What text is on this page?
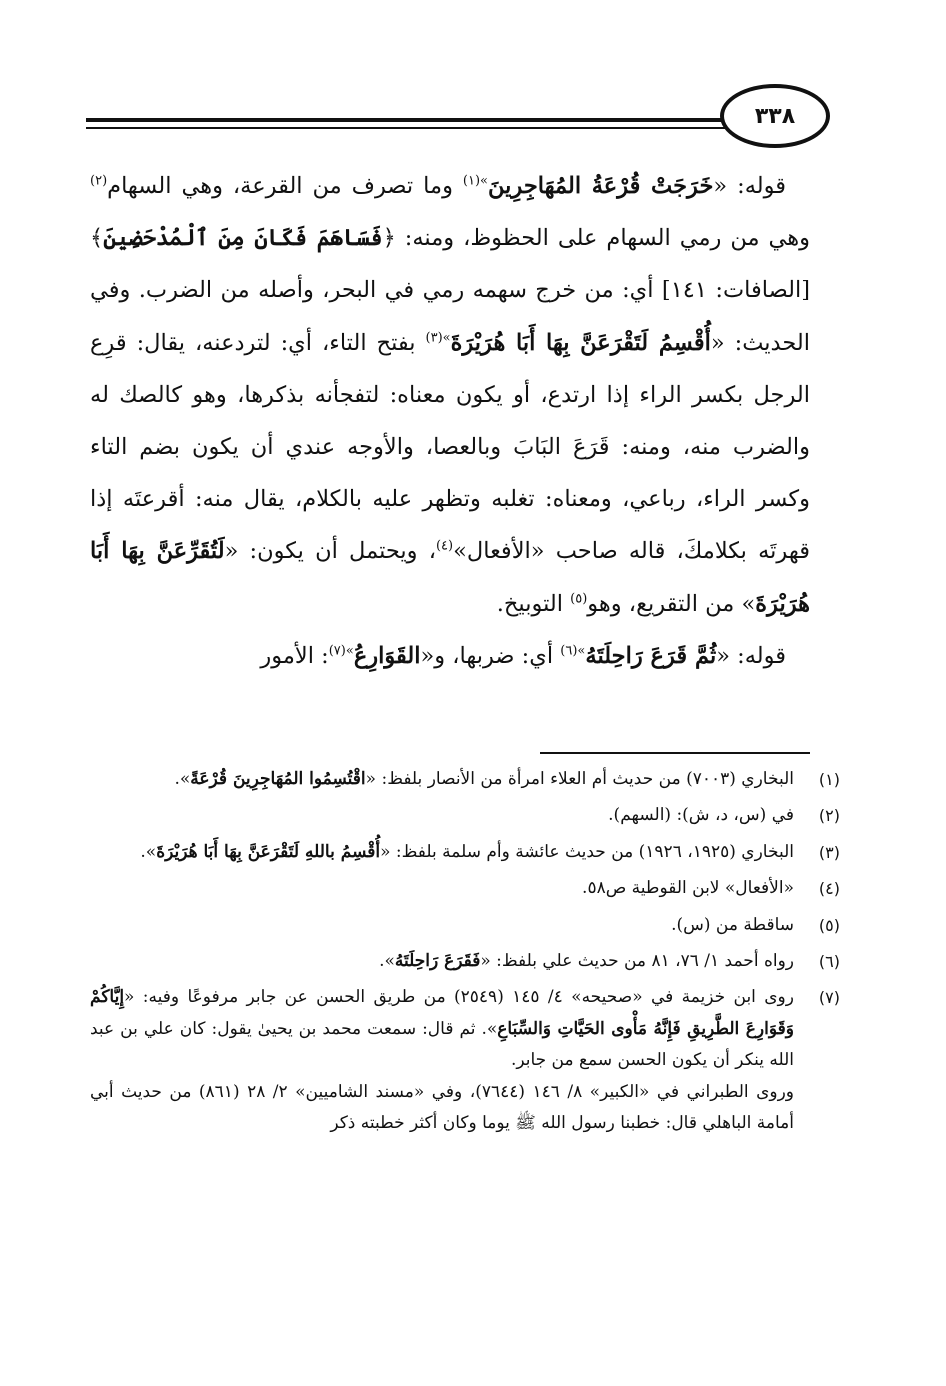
٣٣٨

قوله: «خَرَجَتْ قُرْعَةُ المُهَاجِرِينَ$^{»(١)}$ وما تصرف من القرعة، وهي السهام$^{(٢)}$ وهي من رمي السهام على الحظوظ، ومنه: ﴿فَسَاهَمَ فَكَانَ مِنَ ٱلْمُدْحَضِينَ﴾ [الصافات: ١٤١] أي: من خرج سهمه رمي في البحر، وأصله من الضرب. وفي الحديث: «أُقْسِمُ لَتَقْرَعَنَّ بِهَا أَبَا هُرَيْرَةَ$^{»(٣)}$ بفتح التاء، أي: لتردعنه، يقال: قرِع الرجل بكسر الراء إذا ارتدع، أو يكون معناه: لتفجأنه بذكرها، وهو كالصك له والضرب منه، ومنه: قَرَعَ البَابَ وبالعصا، والأوجه عندي أن يكون بضم التاء وكسر الراء، رباعي، ومعناه: تغلبه وتظهر عليه بالكلام، يقال منه: أقرعتَه إذا قهرتَه بكلامكَ، قاله صاحب «الأفعال»$^{(٤)}$، ويحتمل أن يكون: «لَتُقَرِّعَنَّ بِهَا أَبَا هُرَيْرَةَ» من التقريع، وهو$^{(٥)}$ التوبيخ.

قوله: «ثُمَّ قَرَعَ رَاحِلَتَهُ$^{»(٦)}$ أي: ضربها، و«القَوَارِعُ$^{»(٧)}$: الأمور

(١)
البخاري (٧٠٠٣) من حديث أم العلاء امرأة من الأنصار بلفظ: «اقْتُسِمُوا المُهَاجِرِينَ قُرْعَةً».
(٢)
في (س، د، ش): (السهم).
(٣)
البخاري (١٩٢٥، ١٩٢٦) من حديث عائشة وأم سلمة بلفظ: «أُقْسِمُ باللهِ لَتَقْرَعَنَّ بِهَا أَبَا هُرَيْرَةَ».
(٤)
«الأفعال» لابن القوطية ص٥٨.
(٥)
ساقطة من (س).
(٦)
رواه أحمد ١/ ٧٦، ٨١ من حديث علي بلفظ: «فَقَرَعَ رَاحِلَتَهُ».
(٧)
روى ابن خزيمة في «صحيحه» ٤/ ١٤٥ (٢٥٤٩) من طريق الحسن عن جابر مرفوعًا وفيه: «إِيَّاكُمْ وَقَوَارِعَ الطَّرِيقِ فَإِنَّهُ مَأْوى الحَيَّاتِ وَالسِّبَاعِ». ثم قال: سمعت محمد بن يحيىٰ يقول: كان علي بن عبد الله ينكر أن يكون الحسن سمع من جابر.
وروى الطبراني في «الكبير» ٨/ ١٤٦ (٧٦٤٤)، وفي «مسند الشاميين» ٢/ ٢٨ (٨٦١) من حديث أبي أمامة الباهلي قال: خطبنا رسول الله ﷺ يوما وكان أكثر خطبته ذكر
